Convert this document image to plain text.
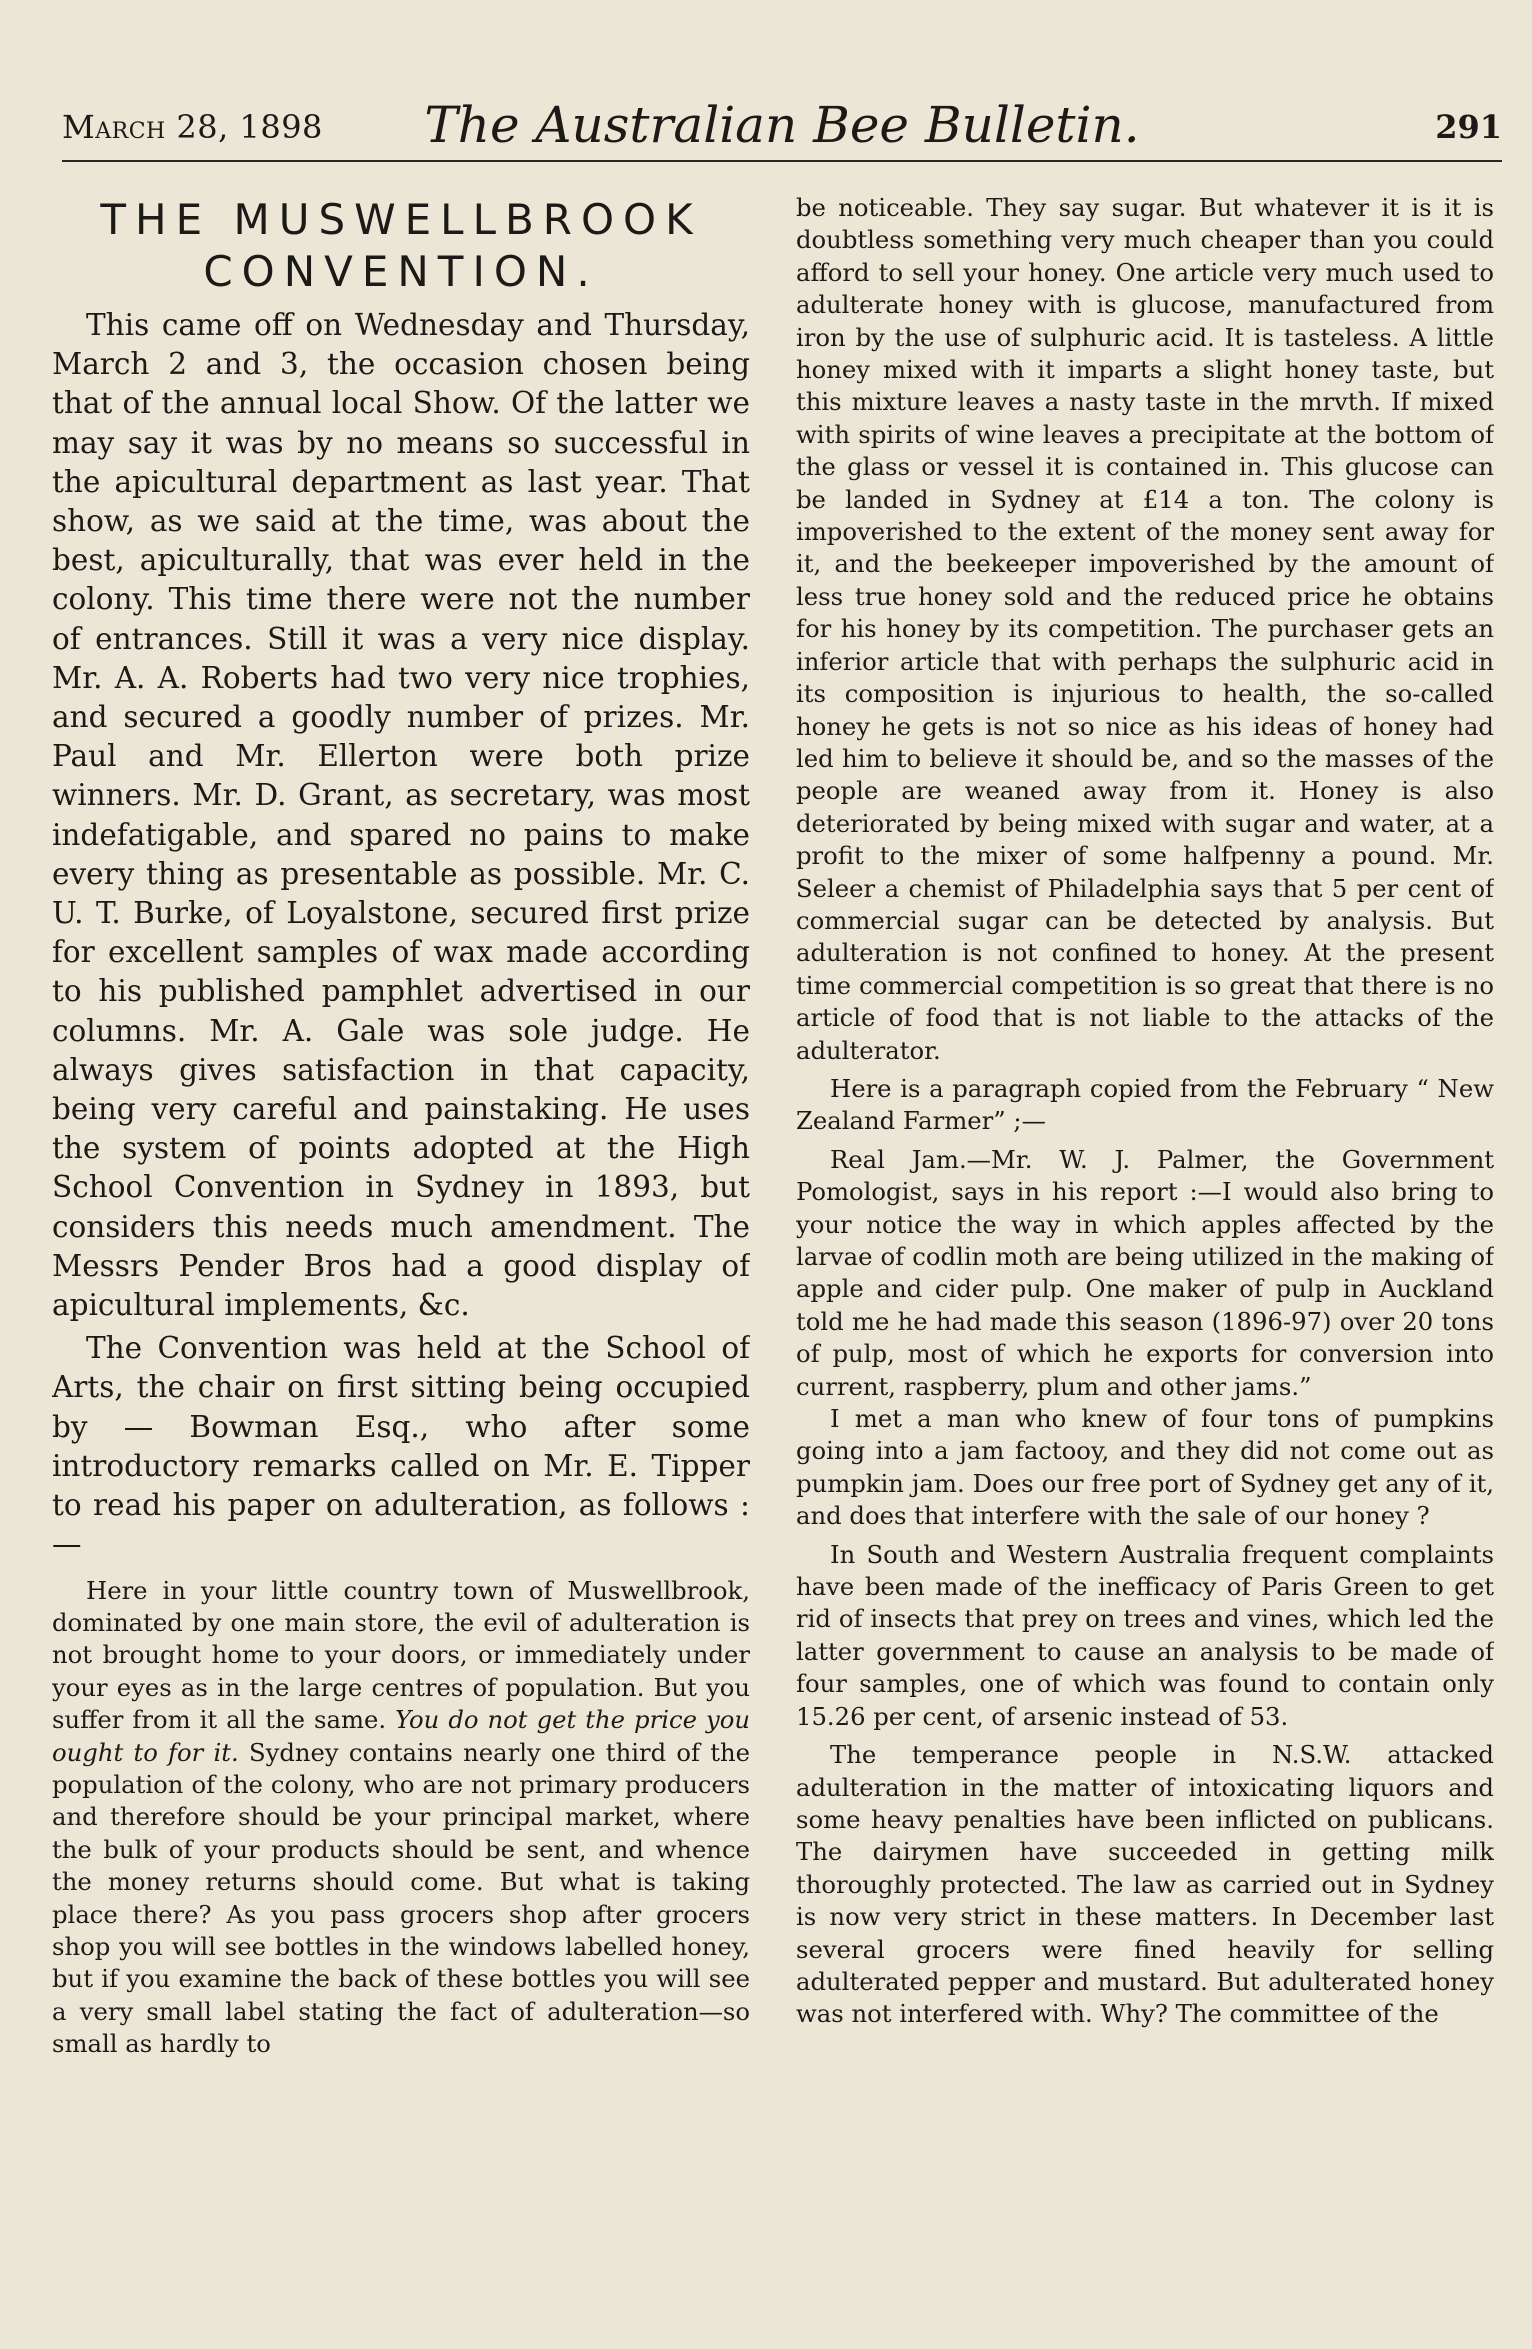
March 28, 1898	The Australian Bee Bulletin.	291
THE MUSWELLBROOK
CONVENTION.

This came off on Wednesday and Thursday, March 2 and 3, the occasion chosen being that of the annual local Show. Of the latter we may say it was by no means so successful in the apicultural department as last year. That show, as we said at the time, was about the best, apiculturally, that was ever held in the colony. This time there were not the number of entrances. Still it was a very nice display. Mr. A. A. Roberts had two very nice trophies, and secured a goodly number of prizes. Mr. Paul and Mr. Ellerton were both prize winners. Mr. D. Grant, as secretary, was most indefatigable, and spared no pains to make every thing as presentable as possible. Mr. C. U. T. Burke, of Loyalstone, secured first prize for excellent samples of wax made according to his published pamphlet advertised in our columns. Mr. A. Gale was sole judge. He always gives satisfaction in that capacity, being very careful and painstaking. He uses the system of points adopted at the High School Convention in Sydney in 1893, but considers this needs much amendment. The Messrs Pender Bros had a good display of apicultural implements, &c.

The Convention was held at the School of Arts, the chair on first sitting being occupied by — Bowman Esq., who after some introductory remarks called on Mr. E. Tipper to read his paper on adulteration, as follows :—

Here in your little country town of Muswellbrook, dominated by one main store, the evil of adulteration is not brought home to your doors, or immediately under your eyes as in the large centres of population. But you suffer from it all the same. You do not get the price you ought to for it. Sydney contains nearly one third of the population of the colony, who are not primary producers and therefore should be your principal market, where the bulk of your products should be sent, and whence the money returns should come. But what is taking place there? As you pass grocers shop after grocers shop you will see bottles in the windows labelled honey, but if you examine the back of these bottles you will see a very small label stating the fact of adulteration—so small as hardly to

be noticeable. They say sugar. But whatever it is it is doubtless something very much cheaper than you could afford to sell your honey. One article very much used to adulterate honey with is glucose, manufactured from iron by the use of sulphuric acid. It is tasteless. A little honey mixed with it imparts a slight honey taste, but this mixture leaves a nasty taste in the mrvth. If mixed with spirits of wine leaves a precipitate at the bottom of the glass or vessel it is contained in. This glucose can be landed in Sydney at £14 a ton. The colony is impoverished to the extent of the money sent away for it, and the beekeeper impoverished by the amount of less true honey sold and the reduced price he obtains for his honey by its competition. The purchaser gets an inferior article that with perhaps the sulphuric acid in its composition is injurious to health, the so-called honey he gets is not so nice as his ideas of honey had led him to believe it should be, and so the masses of the people are weaned away from it. Honey is also deteriorated by being mixed with sugar and water, at a profit to the mixer of some halfpenny a pound. Mr. Seleer a chemist of Philadelphia says that 5 per cent of commercial sugar can be detected by analysis. But adulteration is not confined to honey. At the present time commercial competition is so great that there is no article of food that is not liable to the attacks of the adulterator.

Here is a paragraph copied from the February “ New Zealand Farmer” ;—

Real Jam.—Mr. W. J. Palmer, the Government Pomologist, says in his report :—I would also bring to your notice the way in which apples affected by the larvae of codlin moth are being utilized in the making of apple and cider pulp. One maker of pulp in Auckland told me he had made this season (1896-97) over 20 tons of pulp, most of which he exports for conversion into current, raspberry, plum and other jams.”

I met a man who knew of four tons of pumpkins going into a jam factooy, and they did not come out as pumpkin jam. Does our free port of Sydney get any of it, and does that interfere with the sale of our honey ?

In South and Western Australia frequent complaints have been made of the inefficacy of Paris Green to get rid of insects that prey on trees and vines, which led the latter government to cause an analysis to be made of four samples, one of which was found to contain only 15.26 per cent, of arsenic instead of 53.

The temperance people in N.S.W. attacked adulteration in the matter of intoxicating liquors and some heavy penalties have been inflicted on publicans. The dairymen have succeeded in getting milk thoroughly protected. The law as carried out in Sydney is now very strict in these matters. In December last several grocers were fined heavily for selling adulterated pepper and mustard. But adulterated honey was not interfered with. Why? The committee of the
